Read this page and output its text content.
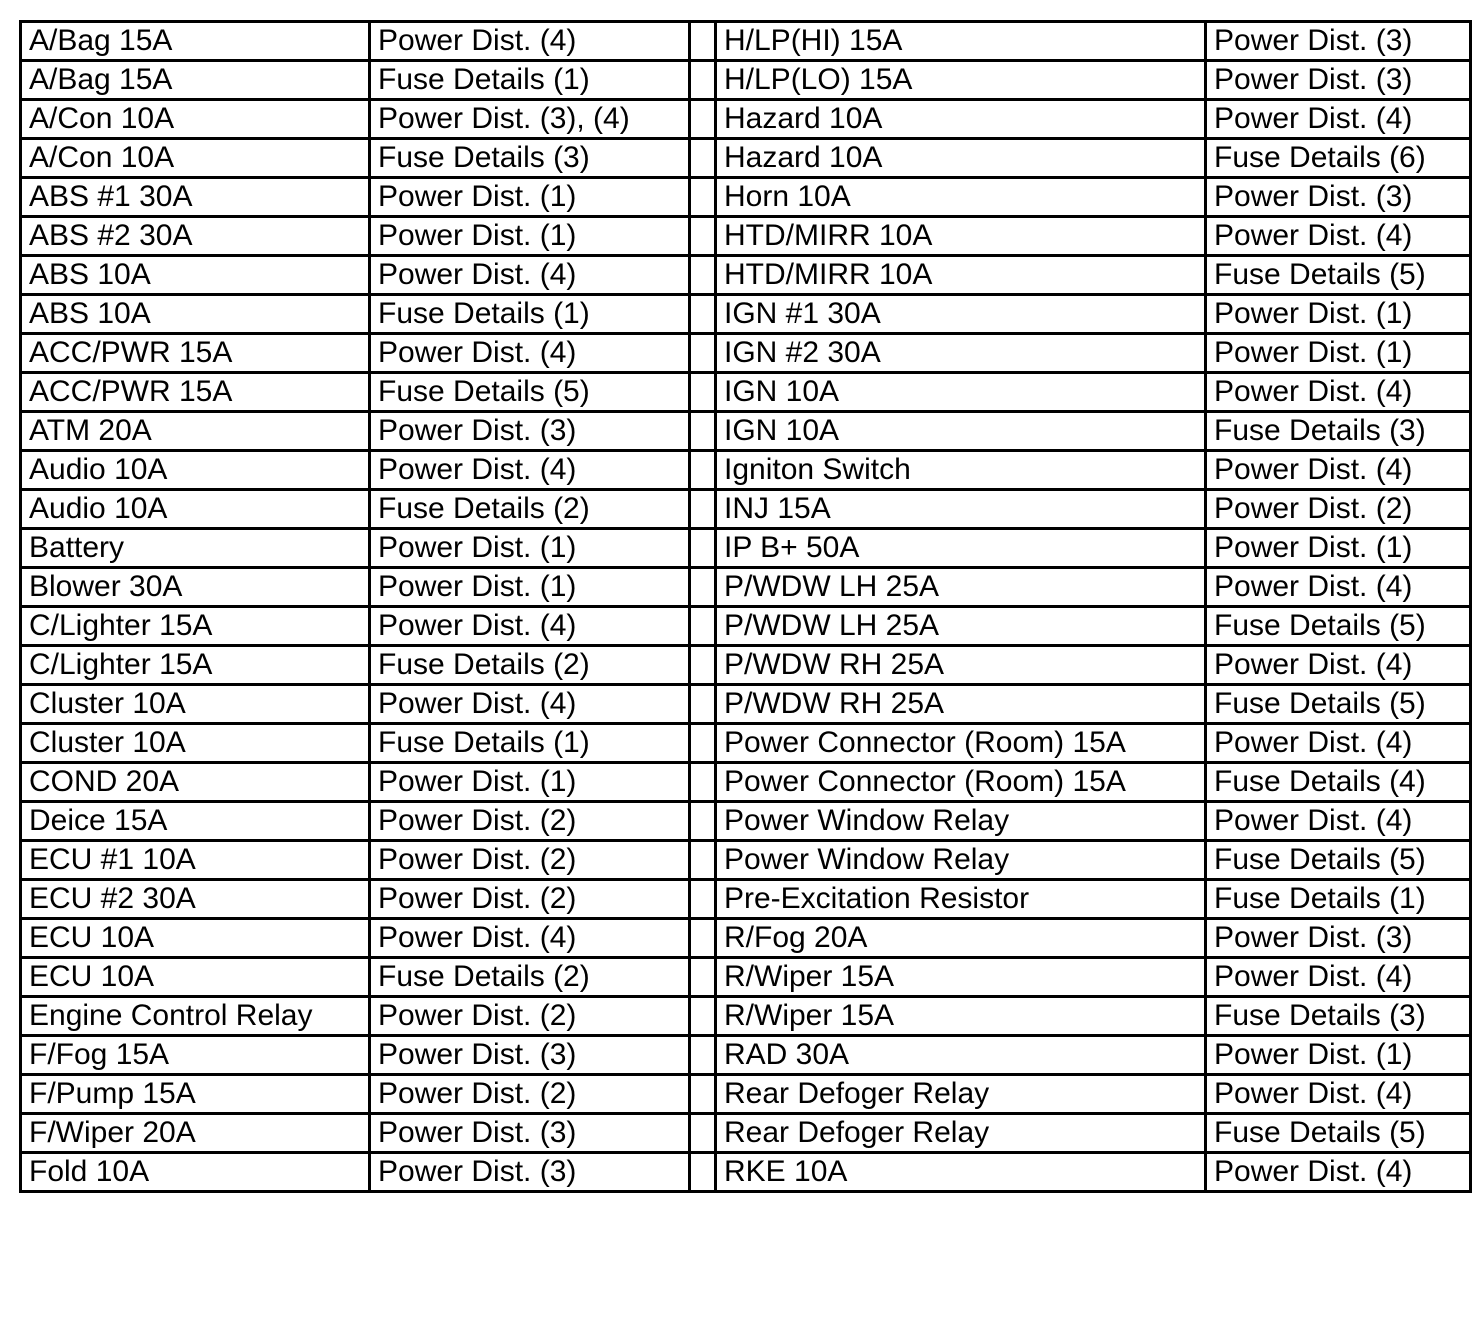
A/Bag 15A	Power Dist. (4)		H/LP(HI) 15A	Power Dist. (3)
A/Bag 15A	Fuse Details (1)		H/LP(LO) 15A	Power Dist. (3)
A/Con 10A	Power Dist. (3), (4)		Hazard 10A	Power Dist. (4)
A/Con 10A	Fuse Details (3)		Hazard 10A	Fuse Details (6)
ABS #1 30A	Power Dist. (1)		Horn 10A	Power Dist. (3)
ABS #2 30A	Power Dist. (1)		HTD/MIRR 10A	Power Dist. (4)
ABS 10A	Power Dist. (4)		HTD/MIRR 10A	Fuse Details (5)
ABS 10A	Fuse Details (1)		IGN #1 30A	Power Dist. (1)
ACC/PWR 15A	Power Dist. (4)		IGN #2 30A	Power Dist. (1)
ACC/PWR 15A	Fuse Details (5)		IGN 10A	Power Dist. (4)
ATM 20A	Power Dist. (3)		IGN 10A	Fuse Details (3)
Audio 10A	Power Dist. (4)		Igniton Switch	Power Dist. (4)
Audio 10A	Fuse Details (2)		INJ 15A	Power Dist. (2)
Battery	Power Dist. (1)		IP B+ 50A	Power Dist. (1)
Blower 30A	Power Dist. (1)		P/WDW LH 25A	Power Dist. (4)
C/Lighter 15A	Power Dist. (4)		P/WDW LH 25A	Fuse Details (5)
C/Lighter 15A	Fuse Details (2)		P/WDW RH 25A	Power Dist. (4)
Cluster 10A	Power Dist. (4)		P/WDW RH 25A	Fuse Details (5)
Cluster 10A	Fuse Details (1)		Power Connector (Room) 15A	Power Dist. (4)
COND 20A	Power Dist. (1)		Power Connector (Room) 15A	Fuse Details (4)
Deice 15A	Power Dist. (2)		Power Window Relay	Power Dist. (4)
ECU #1 10A	Power Dist. (2)		Power Window Relay	Fuse Details (5)
ECU #2 30A	Power Dist. (2)		Pre-Excitation Resistor	Fuse Details (1)
ECU 10A	Power Dist. (4)		R/Fog 20A	Power Dist. (3)
ECU 10A	Fuse Details (2)		R/Wiper 15A	Power Dist. (4)
Engine Control Relay	Power Dist. (2)		R/Wiper 15A	Fuse Details (3)
F/Fog 15A	Power Dist. (3)		RAD 30A	Power Dist. (1)
F/Pump 15A	Power Dist. (2)		Rear Defoger Relay	Power Dist. (4)
F/Wiper 20A	Power Dist. (3)		Rear Defoger Relay	Fuse Details (5)
Fold 10A	Power Dist. (3)		RKE 10A	Power Dist. (4)
